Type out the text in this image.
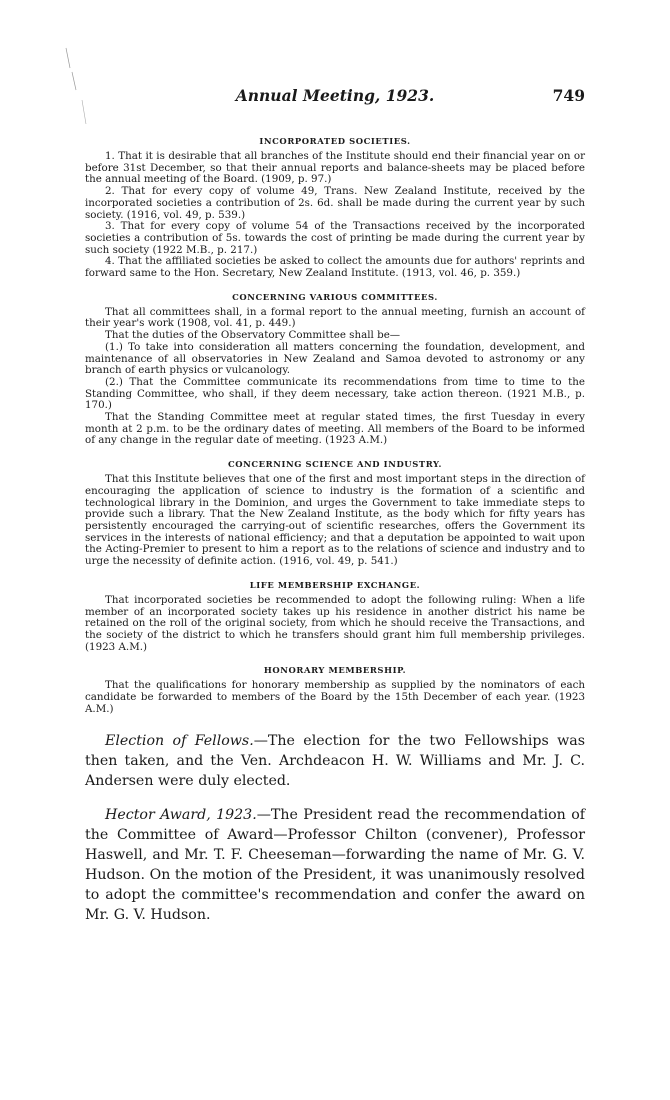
Annual Meeting, 1923.	749
INCORPORATED SOCIETIES.

1. That it is desirable that all branches of the Institute should end their financial year on or before 31st December, so that their annual reports and balance-sheets may be placed before the annual meeting of the Board. (1909, p. 97.)

2. That for every copy of volume 49, Trans. New Zealand Institute, received by the incorporated societies a contribution of 2s. 6d. shall be made during the current year by such society. (1916, vol. 49, p. 539.)

3. That for every copy of volume 54 of the Transactions received by the incorporated societies a contribution of 5s. towards the cost of printing be made during the current year by such society (1922 M.B., p. 217.)

4. That the affiliated societies be asked to collect the amounts due for authors' reprints and forward same to the Hon. Secretary, New Zealand Institute. (1913, vol. 46, p. 359.)

CONCERNING VARIOUS COMMITTEES.

That all committees shall, in a formal report to the annual meeting, furnish an account of their year's work (1908, vol. 41, p. 449.)

That the duties of the Observatory Committee shall be—

(1.) To take into consideration all matters concerning the foundation, development, and maintenance of all observatories in New Zealand and Samoa devoted to astronomy or any branch of earth physics or vulcanology.

(2.) That the Committee communicate its recommendations from time to time to the Standing Committee, who shall, if they deem necessary, take action thereon. (1921 M.B., p. 170.)

That the Standing Committee meet at regular stated times, the first Tuesday in every month at 2 p.m. to be the ordinary dates of meeting. All members of the Board to be informed of any change in the regular date of meeting. (1923 A.M.)

CONCERNING SCIENCE AND INDUSTRY.

That this Institute believes that one of the first and most important steps in the direction of encouraging the application of science to industry is the formation of a scientific and technological library in the Dominion, and urges the Government to take immediate steps to provide such a library. That the New Zealand Institute, as the body which for fifty years has persistently encouraged the carrying-out of scientific researches, offers the Government its services in the interests of national efficiency; and that a deputation be appointed to wait upon the Acting-Premier to present to him a report as to the relations of science and industry and to urge the necessity of definite action. (1916, vol. 49, p. 541.)

LIFE MEMBERSHIP EXCHANGE.

That incorporated societies be recommended to adopt the following ruling: When a life member of an incorporated society takes up his residence in another district his name be retained on the roll of the original society, from which he should receive the Transactions, and the society of the district to which he transfers should grant him full membership privileges. (1923 A.M.)

HONORARY MEMBERSHIP.

That the qualifications for honorary membership as supplied by the nominators of each candidate be forwarded to members of the Board by the 15th December of each year. (1923 A.M.)

Election of Fellows.—The election for the two Fellowships was then taken, and the Ven. Archdeacon H. W. Williams and Mr. J. C. Andersen were duly elected.

Hector Award, 1923.—The President read the recommendation of the Committee of Award—Professor Chilton (convener), Professor Haswell, and Mr. T. F. Cheeseman—forwarding the name of Mr. G. V. Hudson. On the motion of the President, it was unanimously resolved to adopt the committee's recommendation and confer the award on Mr. G. V. Hudson.
